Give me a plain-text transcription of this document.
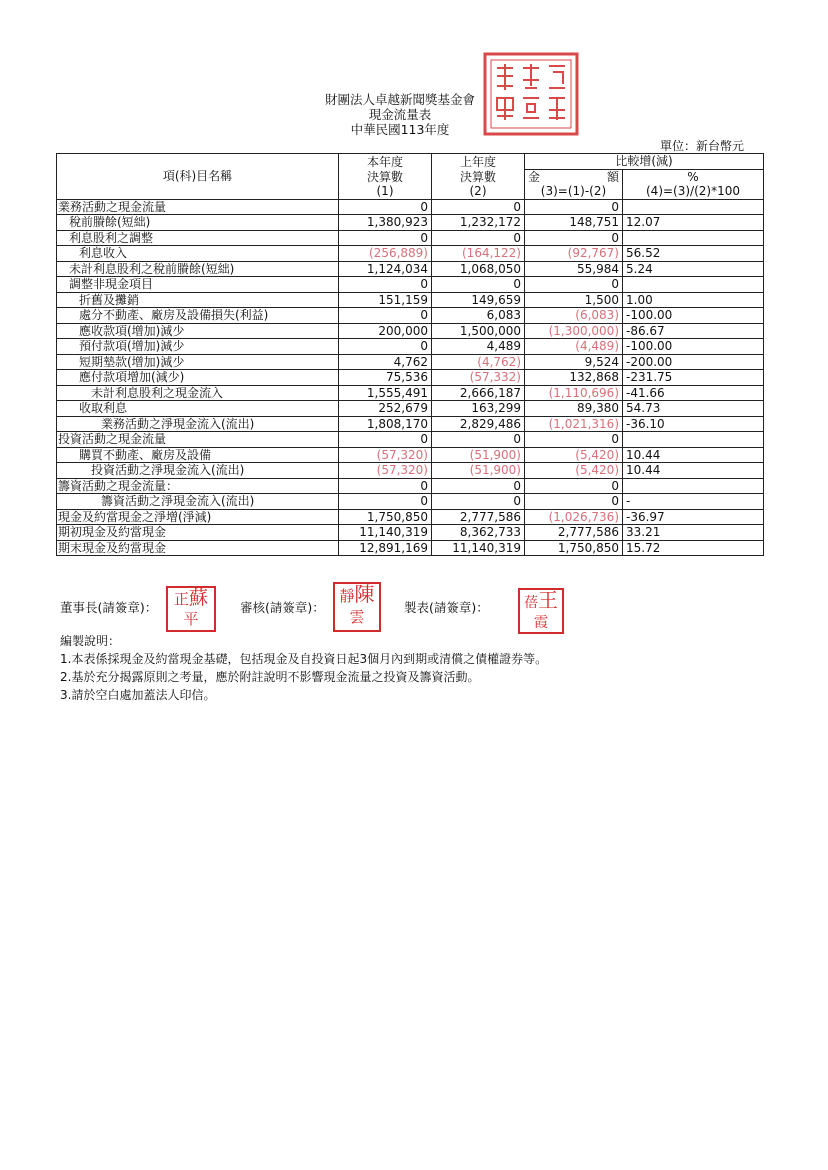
財團法人卓越新聞獎基金會
現金流量表
中華民國113年度
單位：新台幣元
項(科)目名稱	本年度	上年度	比較增(減)	
	決算數	決算數	金 額	%
	(1)	(2)	(3)=(1)-(2)	(4)=(3)/(2)*100
業務活動之現金流量	0	0	0	
稅前賸餘(短絀)	1,380,923	1,232,172	148,751	12.07
利息股利之調整	0	0	0	
利息收入	(256,889)	(164,122)	(92,767)	56.52
未計利息股利之稅前賸餘(短絀)	1,124,034	1,068,050	55,984	5.24
調整非現金項目	0	0	0	
折舊及攤銷	151,159	149,659	1,500	1.00
處分不動產、廠房及設備損失(利益)	0	6,083	(6,083)	-100.00
應收款項(增加)減少	200,000	1,500,000	(1,300,000)	-86.67
預付款項(增加)減少	0	4,489	(4,489)	-100.00
短期墊款(增加)減少	4,762	(4,762)	9,524	-200.00
應付款項增加(減少)	75,536	(57,332)	132,868	-231.75
未計利息股利之現金流入	1,555,491	2,666,187	(1,110,696)	-41.66
收取利息	252,679	163,299	89,380	54.73
業務活動之淨現金流入(流出)	1,808,170	2,829,486	(1,021,316)	-36.10
投資活動之現金流量	0	0	0	
購買不動產、廠房及設備	(57,320)	(51,900)	(5,420)	10.44
投資活動之淨現金流入(流出)	(57,320)	(51,900)	(5,420)	10.44
籌資活動之現金流量：	0	0	0	
籌資活動之淨現金流入(流出)	0	0	0	-
現金及約當現金之淨增(淨減)	1,750,850	2,777,586	(1,026,736)	-36.97
期初現金及約當現金	11,140,319	8,362,733	2,777,586	33.21
期末現金及約當現金	12,891,169	11,140,319	1,750,850	15.72
董事長(請簽章)：	正蘇
平
審核(請簽章)：
靜陳
雲
製表(請簽章)：	蓓王
霞
編製說明：
1.本表係採現金及約當現金基礎，包括現金及自投資日起3個月內到期或清償之債權證券等。
2.基於充分揭露原則之考量，應於附註說明不影響現金流量之投資及籌資活動。
3.請於空白處加蓋法人印信。
